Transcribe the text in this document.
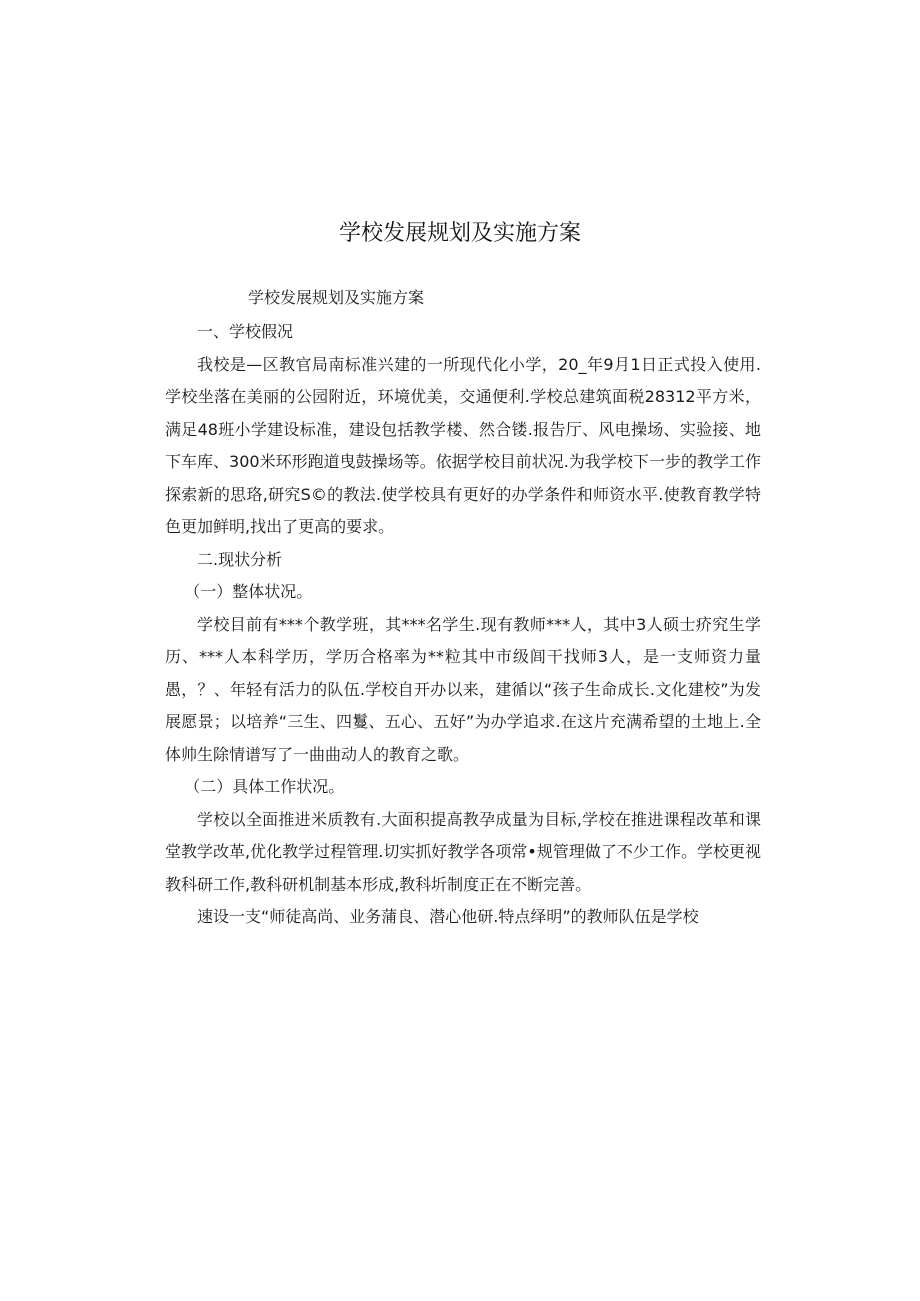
学校发展规划及实施方案
学校发展规划及实施方案

一、学校假况

我校是—区教官局南标准兴建的一所现代化小学，20_年9月1日正式投入使用.学校坐落在美丽的公园附近，环境优美，交通便利.学校总建筑面税28312平方米，满足48班小学建设标准，建设包括教学楼、然合镂.报告厅、风电操场、实验接、地下车库、300米环形跑道曳鼓操场等。依据学校目前状况.为我学校下一步的教学工作探索新的思珞,研究S©的教法.使学校具有更好的办学条件和师资水平.使教育教学特色更加鲜明,找出了更高的要求。

二.现状分析

（一）整体状况。

学校目前有***个教学班，其***名学生.现有教师***人，其中3人硕士疥究生学历、***人本科学历，学历合格率为**粒其中市级闾干找师3人，是一支师资力量愚，？、年轻有活力的队伍.学校自开办以来，建循以“孩子生命成长.文化建校”为发展愿景；以培养“三生、四鬘、五心、五好”为办学追求.在这片充满希望的土地上.全体帅生除情谱写了一曲曲动人的教育之歌。

（二）具体工作状况。

学校以全面推进米质教有.大面积提高教孕成量为目标,学校在推进课程改革和课堂教学改革,优化教学过程管理.切实抓好教学各项常•规管理做了不少工作。学校更视教科研工作,教科研机制基本形成,教科圻制度正在不断完善。

速设一支“师徒高尚、业务蒲良、潜心他研.特点绎明”的教师队伍是学校
